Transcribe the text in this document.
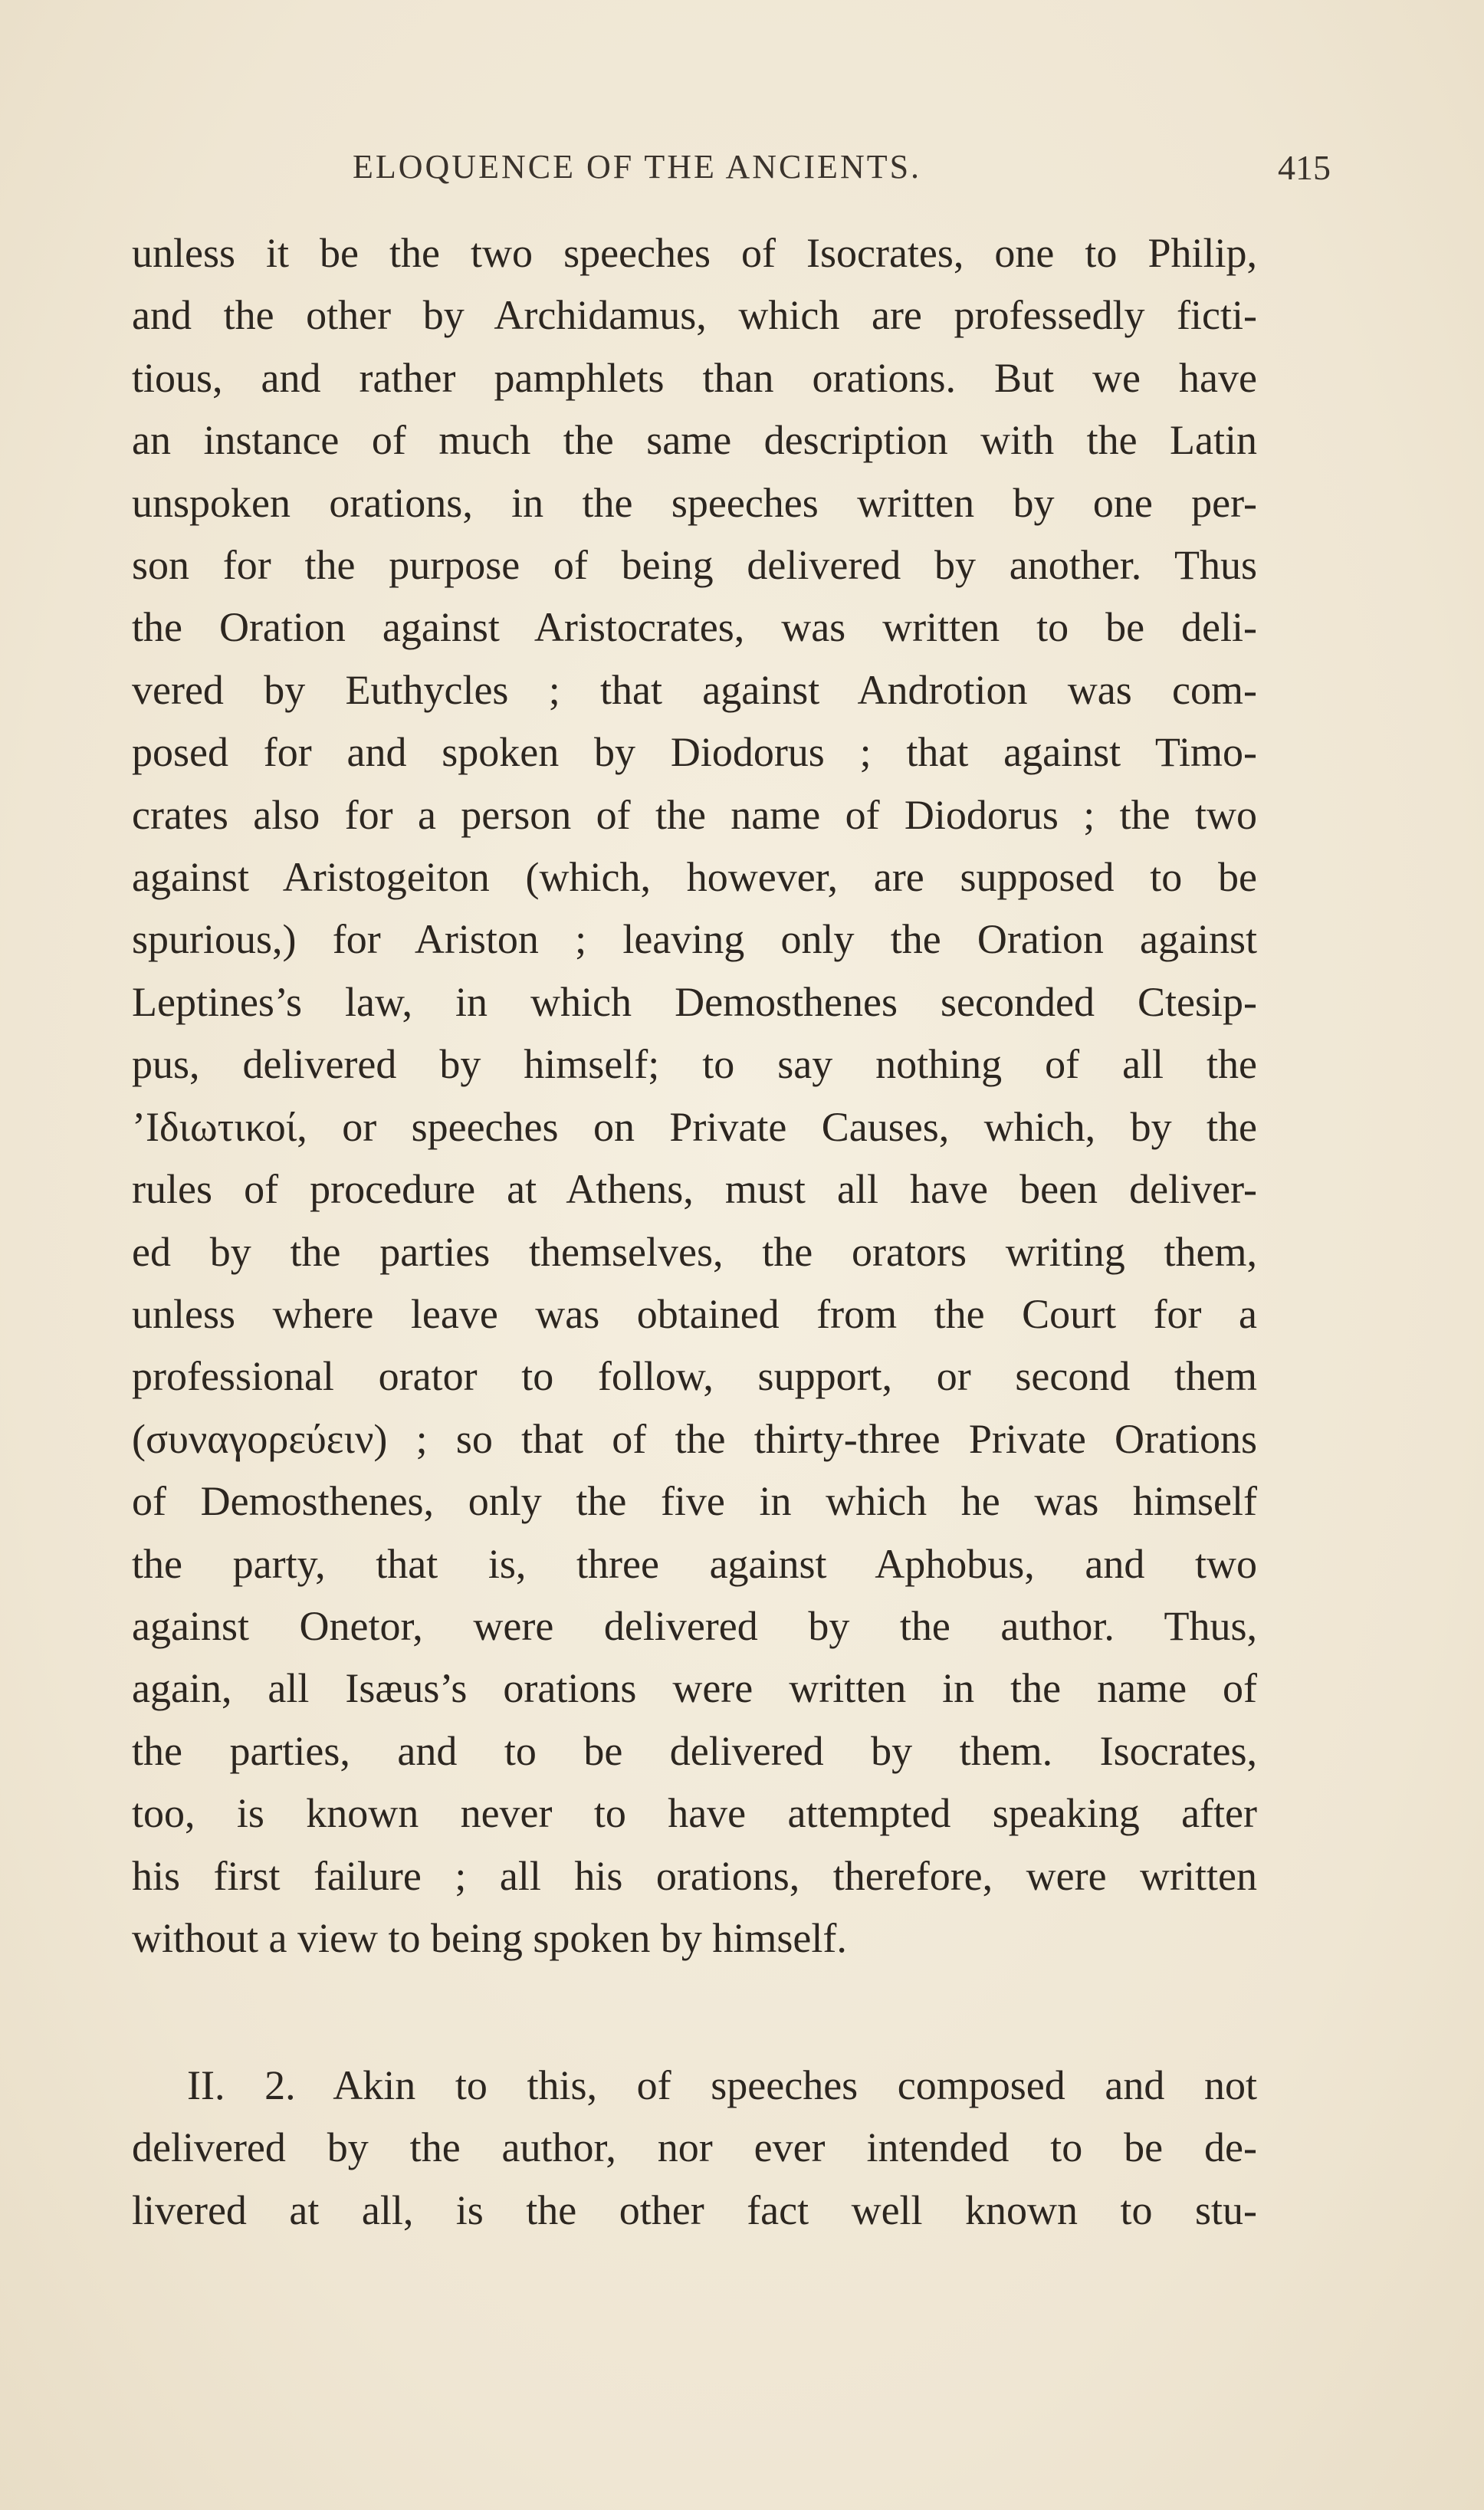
ELOQUENCE OF THE ANCIENTS.	415
unless it be the two speeches of Isocrates, one to Philip,
and the other by Archidamus, which are professedly ficti-
tious, and rather pamphlets than orations. But we have
an instance of much the same description with the Latin
unspoken orations, in the speeches written by one per-
son for the purpose of being delivered by another. Thus
the Oration against Aristocrates, was written to be deli-
vered by Euthycles ; that against Androtion was com-
posed for and spoken by Diodorus ; that against Timo-
crates also for a person of the name of Diodorus ; the two
against Aristogeiton (which, however, are supposed to be
spurious,) for Ariston ; leaving only the Oration against
Leptines’s law, in which Demosthenes seconded Ctesip-
pus, delivered by himself; to say nothing of all the
’Ιδιωτικοί, or speeches on Private Causes, which, by the
rules of procedure at Athens, must all have been deliver-
ed by the parties themselves, the orators writing them,
unless where leave was obtained from the Court for a
professional orator to follow, support, or second them
(συναγορεύειν) ; so that of the thirty-three Private Orations
of Demosthenes, only the five in which he was himself
the party, that is, three against Aphobus, and two
against Onetor, were delivered by the author. Thus,
again, all Isæus’s orations were written in the name of
the parties, and to be delivered by them. Isocrates,
too, is known never to have attempted speaking after
his first failure ; all his orations, therefore, were written
without a view to being spoken by himself.
II. 2. Akin to this, of speeches composed and not
delivered by the author, nor ever intended to be de-
livered at all, is the other fact well known to stu-
